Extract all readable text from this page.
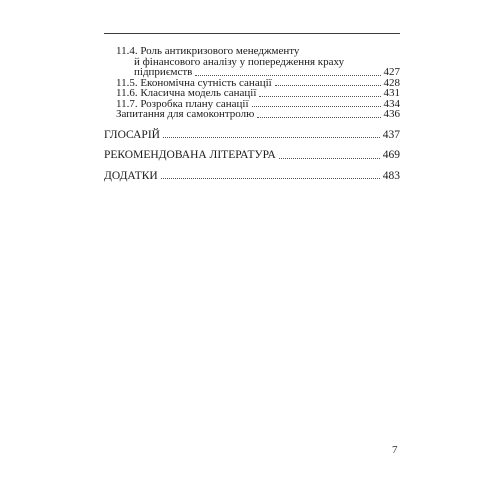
11.4. Роль антикризового менеджменту
й фінансового аналізу у попередження краху
підприємств	427
11.5. Економічна сутність санації	428
11.6. Класична модель санації	431
11.7. Розробка плану санації	434
Запитання для самоконтролю	436
ГЛОСАРІЙ	437
РЕКОМЕНДОВАНА ЛІТЕРАТУРА	469
ДОДАТКИ	483
7
